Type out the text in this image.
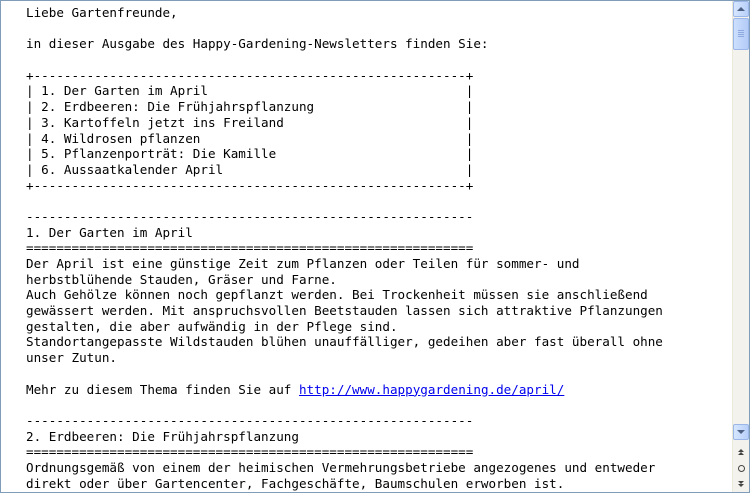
Liebe Gartenfreunde,

in dieser Ausgabe des Happy-Gardening-Newsletters finden Sie:

+---------------------------------------------------------+
| 1. Der Garten im April                                  |
| 2. Erdbeeren: Die Frühjahrspflanzung                    |
| 3. Kartoffeln jetzt ins Freiland                        |
| 4. Wildrosen pflanzen                                   |
| 5. Pflanzenporträt: Die Kamille                         |
| 6. Aussaatkalender April                                |
+---------------------------------------------------------+

-----------------------------------------------------------
1. Der Garten im April
===========================================================
Der April ist eine günstige Zeit zum Pflanzen oder Teilen für sommer- und
herbstblühende Stauden, Gräser und Farne.
Auch Gehölze können noch gepflanzt werden. Bei Trockenheit müssen sie anschließend
gewässert werden. Mit anspruchsvollen Beetstauden lassen sich attraktive Pflanzungen
gestalten, die aber aufwändig in der Pflege sind.
Standortangepasste Wildstauden blühen unauffälliger, gedeihen aber fast überall ohne
unser Zutun.

Mehr zu diesem Thema finden Sie auf http://www.happygardening.de/april/

-----------------------------------------------------------
2. Erdbeeren: Die Frühjahrspflanzung
===========================================================
Ordnungsgemäß von einem der heimischen Vermehrungsbetriebe angezogenes und entweder
direkt oder über Gartencenter, Fachgeschäfte, Baumschulen erworben ist.
